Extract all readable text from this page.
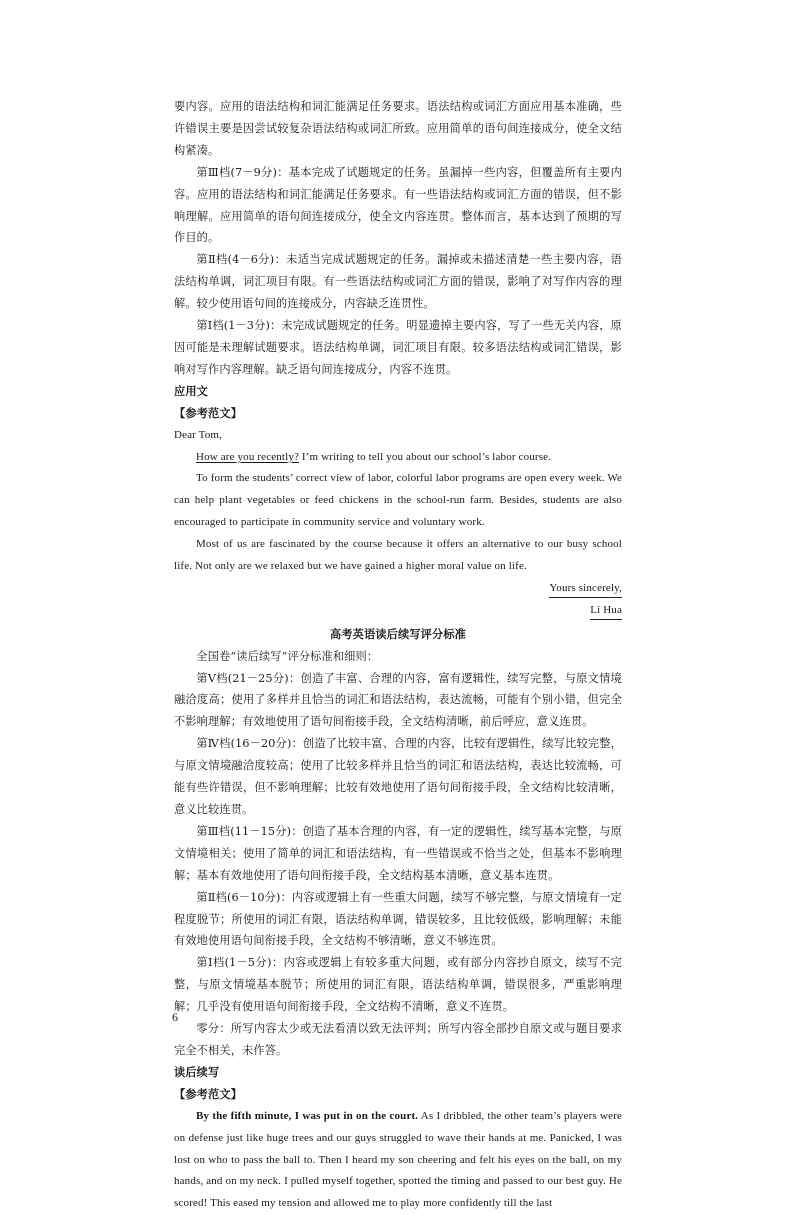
要内容。应用的语法结构和词汇能满足任务要求。语法结构或词汇方面应用基本准确，些许错误主要是因尝试较复杂语法结构或词汇所致。应用简单的语句间连接成分，使全文结构紧凑。

第Ⅲ档(7－9分)：基本完成了试题规定的任务。虽漏掉一些内容，但覆盖所有主要内容。应用的语法结构和词汇能满足任务要求。有一些语法结构或词汇方面的错误，但不影响理解。应用简单的语句间连接成分，使全文内容连贯。整体而言，基本达到了预期的写作目的。

第Ⅱ档(4－6分)：未适当完成试题规定的任务。漏掉或未描述清楚一些主要内容，语法结构单调，词汇项目有限。有一些语法结构或词汇方面的错误，影响了对写作内容的理解。较少使用语句间的连接成分，内容缺乏连贯性。

第Ⅰ档(1－3分)：未完成试题规定的任务。明显遗掉主要内容，写了一些无关内容，原因可能是未理解试题要求。语法结构单调，词汇项目有限。较多语法结构或词汇错误，影响对写作内容理解。缺乏语句间连接成分，内容不连贯。

应用文

【参考范文】

Dear Tom,

How are you recently? I’m writing to tell you about our school’s labor course.

To form the students’ correct view of labor, colorful labor programs are open every week. We can help plant vegetables or feed chickens in the school-run farm. Besides, students are also encouraged to participate in community service and voluntary work.

Most of us are fascinated by the course because it offers an alternative to our busy school life. Not only are we relaxed but we have gained a higher moral value on life.

Yours sincerely,

Li Hua

高考英语读后续写评分标准

全国卷“读后续写”评分标准和细则：

第Ⅴ档(21－25分)：创造了丰富、合理的内容，富有逻辑性，续写完整，与原文情境融洽度高；使用了多样并且恰当的词汇和语法结构，表达流畅，可能有个别小错，但完全不影响理解；有效地使用了语句间衔接手段，全文结构清晰，前后呼应，意义连贯。

第Ⅳ档(16－20分)：创造了比较丰富、合理的内容，比较有逻辑性，续写比较完整，与原文情境融洽度较高；使用了比较多样并且恰当的词汇和语法结构，表达比较流畅，可能有些许错误，但不影响理解；比较有效地使用了语句间衔接手段，全文结构比较清晰，意义比较连贯。

第Ⅲ档(11－15分)：创造了基本合理的内容，有一定的逻辑性，续写基本完整，与原文情境相关；使用了简单的词汇和语法结构，有一些错误或不恰当之处，但基本不影响理解；基本有效地使用了语句间衔接手段，全文结构基本清晰，意义基本连贯。

第Ⅱ档(6－10分)：内容或逻辑上有一些重大问题，续写不够完整，与原文情境有一定程度脱节；所使用的词汇有限，语法结构单调，错误较多，且比较低级，影响理解；未能有效地使用语句间衔接手段，全文结构不够清晰，意义不够连贯。

第Ⅰ档(1－5分)：内容或逻辑上有较多重大问题，或有部分内容抄自原文，续写不完整，与原文情境基本脱节；所使用的词汇有限，语法结构单调，错误很多，严重影响理解；几乎没有使用语句间衔接手段，全文结构不清晰，意义不连贯。

零分：所写内容太少或无法看清以致无法评判；所写内容全部抄自原文或与题目要求完全不相关，未作答。

读后续写

【参考范文】

By the fifth minute, I was put in on the court. As I dribbled, the other team’s players were on defense just like huge trees and our guys struggled to wave their hands at me. Panicked, I was lost on who to pass the ball to. Then I heard my son cheering and felt his eyes on the ball, on my hands, and on my neck. I pulled myself together, spotted the timing and passed to our best guy. He scored! This eased my tension and allowed me to play more confidently till the last

6
